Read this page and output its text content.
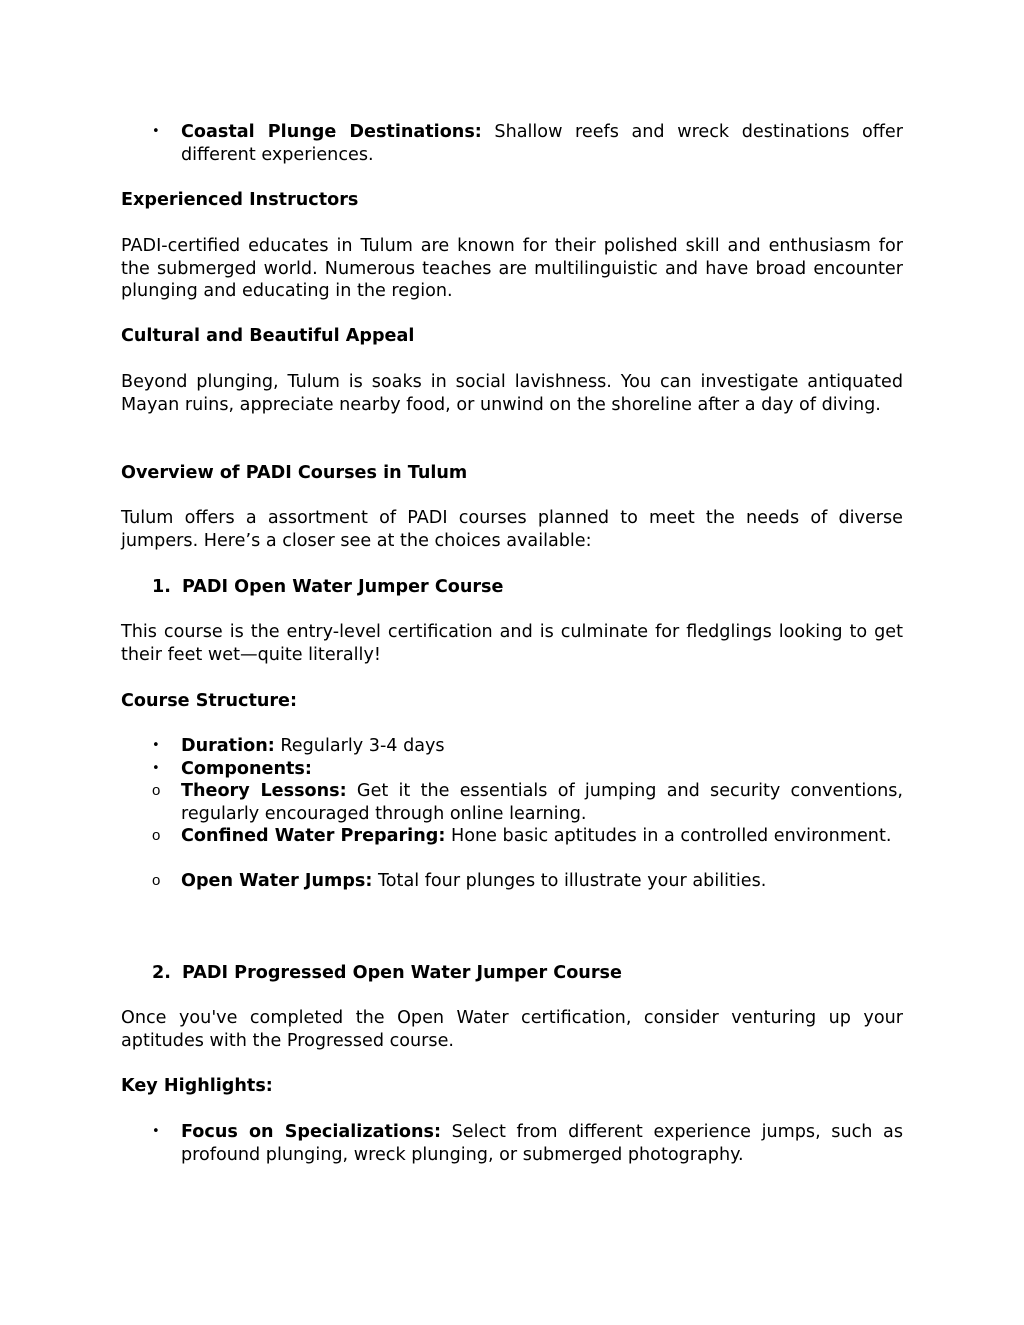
• Coastal Plunge Destinations: Shallow reefs and wreck destinations offer different experiences.

Experienced Instructors

PADI-certified educates in Tulum are known for their polished skill and enthusiasm for the submerged world. Numerous teaches are multilinguistic and have broad encounter plunging and educating in the region.

Cultural and Beautiful Appeal

Beyond plunging, Tulum is soaks in social lavishness. You can investigate antiquated Mayan ruins, appreciate nearby food, or unwind on the shoreline after a day of diving.

Overview of PADI Courses in Tulum

Tulum offers a assortment of PADI courses planned to meet the needs of diverse jumpers. Here’s a closer see at the choices available:

1. PADI Open Water Jumper Course

This course is the entry-level certification and is culminate for fledglings looking to get their feet wet—quite literally!

Course Structure:

• Duration: Regularly 3-4 days
• Components:
o Theory Lessons: Get it the essentials of jumping and security conventions, regularly encouraged through online learning.
o Confined Water Preparing: Hone basic aptitudes in a controlled environment.
o Open Water Jumps: Total four plunges to illustrate your abilities.
2. PADI Progressed Open Water Jumper Course

Once you've completed the Open Water certification, consider venturing up your aptitudes with the Progressed course.

Key Highlights:

• Focus on Specializations: Select from different experience jumps, such as profound plunging, wreck plunging, or submerged photography.
